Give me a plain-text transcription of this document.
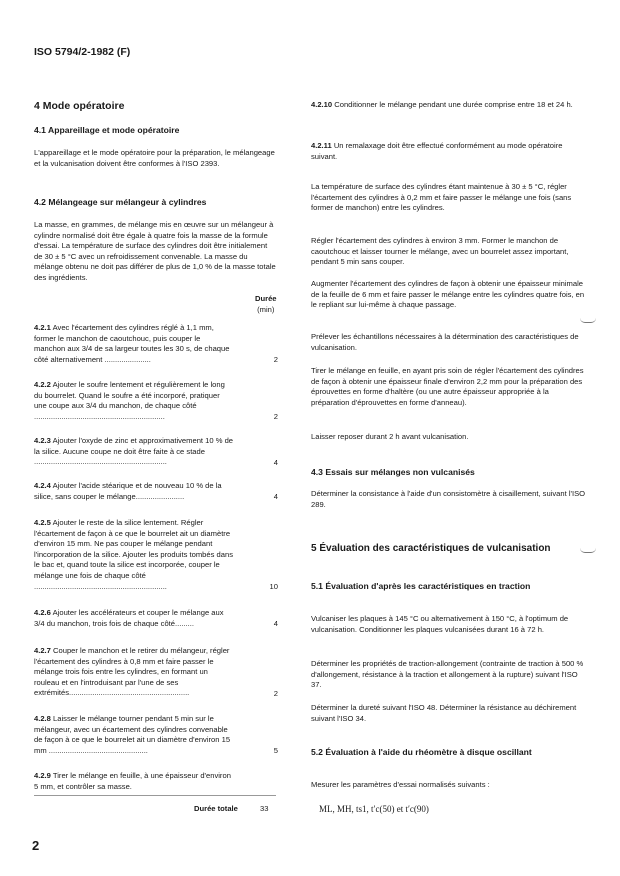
ISO 5794/2-1982 (F)
4 Mode opératoire
4.1 Appareillage et mode opératoire

L'appareillage et le mode opératoire pour la préparation, le mélangeage et la vulcanisation doivent être conformes à l'ISO 2393.

4.2 Mélangeage sur mélangeur à cylindres

La masse, en grammes, de mélange mis en œuvre sur un mélangeur à cylindre normalisé doit être égale à quatre fois la masse de la formule d'essai. La température de surface des cylindres doit être initialement de 30 ± 5 °C avec un refroidissement convenable. La masse du mélange obtenu ne doit pas différer de plus de 1,0 % de la masse totale des ingrédients.

Durée
(min)

4.2.1 Avec l'écartement des cylindres réglé à 1,1 mm, former le manchon de caoutchouc, puis couper le manchon aux 3/4 de sa largeur toutes les 30 s, de chaque côté alternativement ......................	2

4.2.2 Ajouter le soufre lentement et régulièrement le long du bourrelet. Quand le soufre a été incorporé, pratiquer une coupe aux 3/4 du manchon, de chaque côté ..............................................................	2

4.2.3 Ajouter l'oxyde de zinc et approximativement 10 % de la silice. Aucune coupe ne doit être faite à ce stade ...............................................................	4

4.2.4 Ajouter l'acide stéarique et de nouveau 10 % de la silice, sans couper le mélange.......................	4

4.2.5 Ajouter le reste de la silice lentement. Régler l'écartement de façon à ce que le bourrelet ait un diamètre d'environ 15 mm. Ne pas couper le mélange pendant l'incorporation de la silice. Ajouter les produits tombés dans le bac et, quand toute la silice est incorporée, couper le mélange une fois de chaque côté ...............................................................	10

4.2.6 Ajouter les accélérateurs et couper le mélange aux 3/4 du manchon, trois fois de chaque côté.........	4

4.2.7 Couper le manchon et le retirer du mélangeur, régler l'écartement des cylindres à 0,8 mm et faire passer le mélange trois fois entre les cylindres, en formant un rouleau et en l'introduisant par l'une de ses extrémités.........................................................	2

4.2.8 Laisser le mélange tourner pendant 5 min sur le mélangeur, avec un écartement des cylindres convenable de façon à ce que le bourrelet ait un diamètre d'environ 15 mm ...............................................	5

4.2.9 Tirer le mélange en feuille, à une épaisseur d'environ 5 mm, et contrôler sa masse.

Durée totale	33

4.2.10 Conditionner le mélange pendant une durée comprise entre 18 et 24 h.

4.2.11 Un remalaxage doit être effectué conformément au mode opératoire suivant.

La température de surface des cylindres étant maintenue à 30 ± 5 °C, régler l'écartement des cylindres à 0,2 mm et faire passer le mélange une fois (sans former de manchon) entre les cylindres.

Régler l'écartement des cylindres à environ 3 mm. Former le manchon de caoutchouc et laisser tourner le mélange, avec un bourrelet assez important, pendant 5 min sans couper.

Augmenter l'écartement des cylindres de façon à obtenir une épaisseur minimale de la feuille de 6 mm et faire passer le mélange entre les cylindres quatre fois, en le repliant sur lui-même à chaque passage.

Prélever les échantillons nécessaires à la détermination des caractéristiques de vulcanisation.

Tirer le mélange en feuille, en ayant pris soin de régler l'écartement des cylindres de façon à obtenir une épaisseur finale d'environ 2,2 mm pour la préparation des éprouvettes en forme d'haltère (ou une autre épaisseur appropriée à la préparation d'éprouvettes en forme d'anneau).

Laisser reposer durant 2 h avant vulcanisation.

4.3 Essais sur mélanges non vulcanisés

Déterminer la consistance à l'aide d'un consistomètre à cisaillement, suivant l'ISO 289.

5 Évaluation des caractéristiques de vulcanisation
5.1 Évaluation d'après les caractéristiques en traction

Vulcaniser les plaques à 145 °C ou alternativement à 150 °C, à l'optimum de vulcanisation. Conditionner les plaques vulcanisées durant 16 à 72 h.

Déterminer les propriétés de traction-allongement (contrainte de traction à 500 % d'allongement, résistance à la traction et allongement à la rupture) suivant l'ISO 37.

Déterminer la dureté suivant l'ISO 48. Déterminer la résistance au déchirement suivant l'ISO 34.

5.2 Évaluation à l'aide du rhéomètre à disque oscillant

Mesurer les paramètres d'essai normalisés suivants :

ML, MH, ts1, t′c(50) et t′c(90)
2
